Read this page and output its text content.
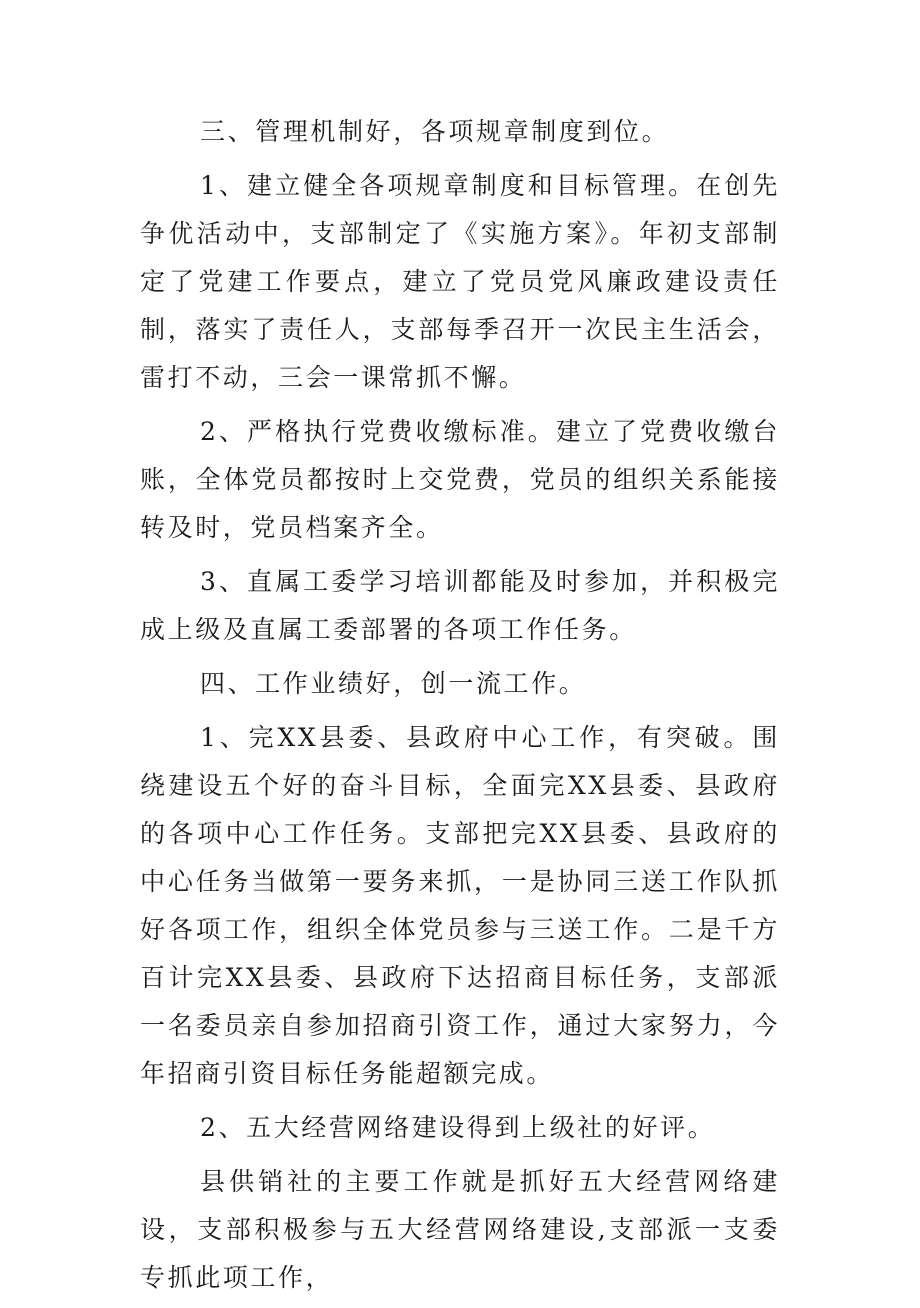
三、管理机制好，各项规章制度到位。

1、建立健全各项规章制度和目标管理。在创先争优活动中，支部制定了《实施方案》。年初支部制定了党建工作要点，建立了党员党风廉政建设责任制，落实了责任人，支部每季召开一次民主生活会，雷打不动，三会一课常抓不懈。

2、严格执行党费收缴标准。建立了党费收缴台账，全体党员都按时上交党费，党员的组织关系能接转及时，党员档案齐全。

3、直属工委学习培训都能及时参加，并积极完成上级及直属工委部署的各项工作任务。

四、工作业绩好，创一流工作。

1、完XX县委、县政府中心工作，有突破。围绕建设五个好的奋斗目标，全面完XX县委、县政府的各项中心工作任务。支部把完XX县委、县政府的中心任务当做第一要务来抓，一是协同三送工作队抓好各项工作，组织全体党员参与三送工作。二是千方百计完XX县委、县政府下达招商目标任务，支部派一名委员亲自参加招商引资工作，通过大家努力，今年招商引资目标任务能超额完成。

2、五大经营网络建设得到上级社的好评。

县供销社的主要工作就是抓好五大经营网络建设，支部积极参与五大经营网络建设,支部派一支委专抓此项工作，
